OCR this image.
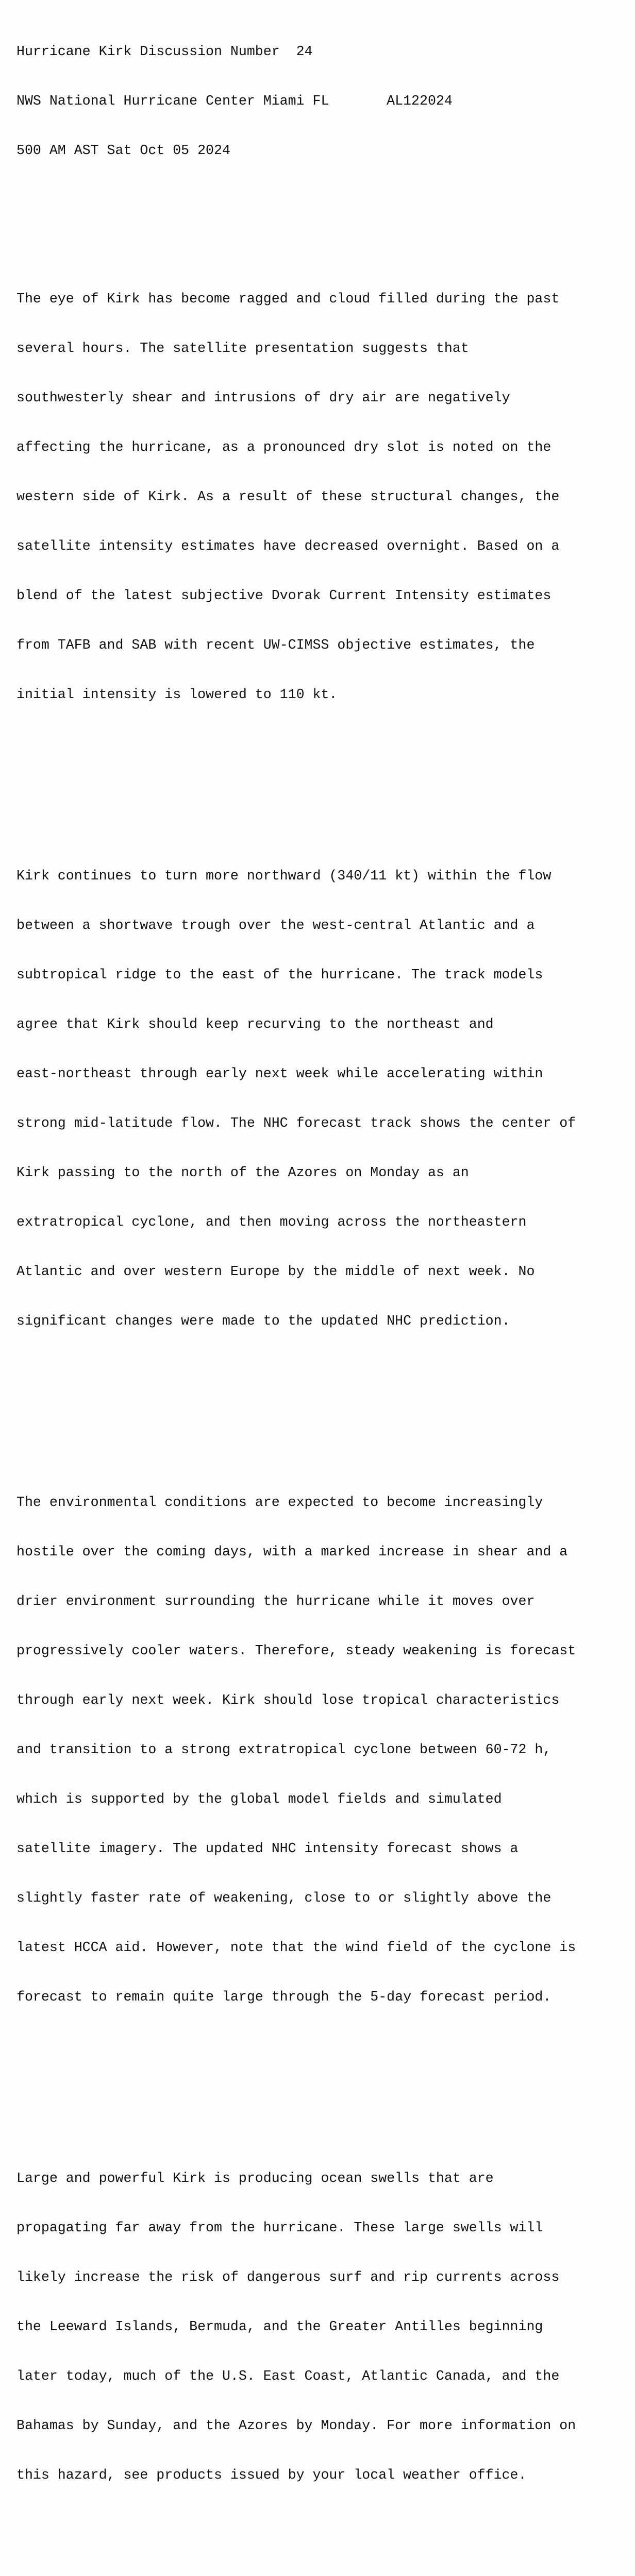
Hurricane Kirk Discussion Number  24

NWS National Hurricane Center Miami FL       AL122024

500 AM AST Sat Oct 05 2024

The eye of Kirk has become ragged and cloud filled during the past

several hours. The satellite presentation suggests that

southwesterly shear and intrusions of dry air are negatively

affecting the hurricane, as a pronounced dry slot is noted on the

western side of Kirk. As a result of these structural changes, the

satellite intensity estimates have decreased overnight. Based on a

blend of the latest subjective Dvorak Current Intensity estimates

from TAFB and SAB with recent UW-CIMSS objective estimates, the

initial intensity is lowered to 110 kt.

Kirk continues to turn more northward (340/11 kt) within the flow

between a shortwave trough over the west-central Atlantic and a

subtropical ridge to the east of the hurricane. The track models

agree that Kirk should keep recurving to the northeast and

east-northeast through early next week while accelerating within

strong mid-latitude flow. The NHC forecast track shows the center of

Kirk passing to the north of the Azores on Monday as an

extratropical cyclone, and then moving across the northeastern

Atlantic and over western Europe by the middle of next week. No

significant changes were made to the updated NHC prediction.

The environmental conditions are expected to become increasingly

hostile over the coming days, with a marked increase in shear and a

drier environment surrounding the hurricane while it moves over

progressively cooler waters. Therefore, steady weakening is forecast

through early next week. Kirk should lose tropical characteristics

and transition to a strong extratropical cyclone between 60-72 h,

which is supported by the global model fields and simulated

satellite imagery. The updated NHC intensity forecast shows a

slightly faster rate of weakening, close to or slightly above the

latest HCCA aid. However, note that the wind field of the cyclone is

forecast to remain quite large through the 5-day forecast period.

Large and powerful Kirk is producing ocean swells that are

propagating far away from the hurricane. These large swells will

likely increase the risk of dangerous surf and rip currents across

the Leeward Islands, Bermuda, and the Greater Antilles beginning

later today, much of the U.S. East Coast, Atlantic Canada, and the

Bahamas by Sunday, and the Azores by Monday. For more information on

this hazard, see products issued by your local weather office.
